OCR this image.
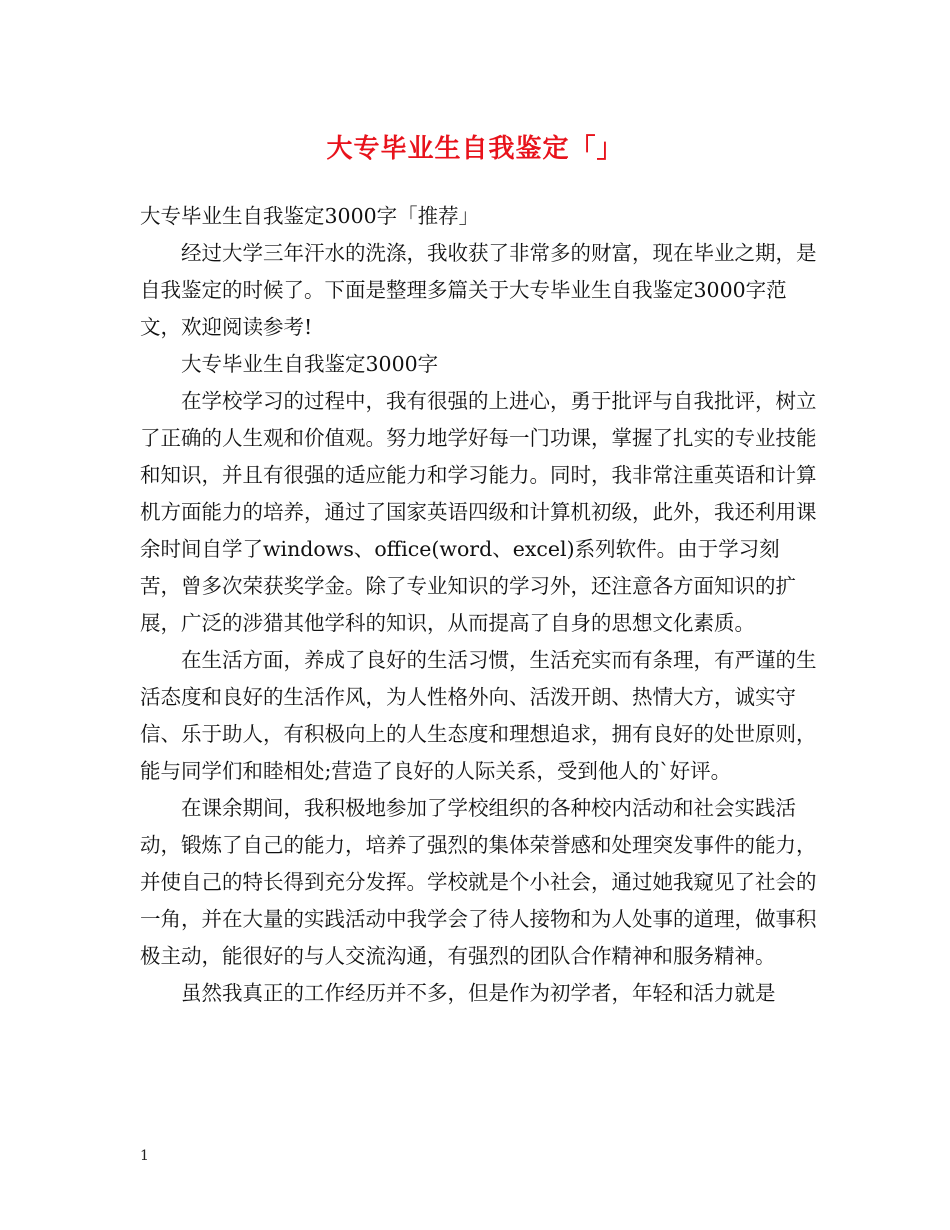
大专毕业生自我鉴定「」

大专毕业生自我鉴定3000字「推荐」

经过大学三年汗水的洗涤，我收获了非常多的财富，现在毕业之期，是自我鉴定的时候了。下面是整理多篇关于大专毕业生自我鉴定3000字范文，欢迎阅读参考!

大专毕业生自我鉴定3000字

在学校学习的过程中，我有很强的上进心，勇于批评与自我批评，树立了正确的人生观和价值观。努力地学好每一门功课，掌握了扎实的专业技能和知识，并且有很强的适应能力和学习能力。同时，我非常注重英语和计算机方面能力的培养，通过了国家英语四级和计算机初级，此外，我还利用课余时间自学了windows、office(word、excel)系列软件。由于学习刻苦，曾多次荣获奖学金。除了专业知识的学习外，还注意各方面知识的扩展，广泛的涉猎其他学科的知识，从而提高了自身的思想文化素质。

在生活方面，养成了良好的生活习惯，生活充实而有条理，有严谨的生活态度和良好的生活作风，为人性格外向、活泼开朗、热情大方，诚实守信、乐于助人，有积极向上的人生态度和理想追求，拥有良好的处世原则，能与同学们和睦相处;营造了良好的人际关系，受到他人的`好评。

在课余期间，我积极地参加了学校组织的各种校内活动和社会实践活动，锻炼了自己的能力，培养了强烈的集体荣誉感和处理突发事件的能力，并使自己的特长得到充分发挥。学校就是个小社会，通过她我窥见了社会的一角，并在大量的实践活动中我学会了待人接物和为人处事的道理，做事积极主动，能很好的与人交流沟通，有强烈的团队合作精神和服务精神。

虽然我真正的工作经历并不多，但是作为初学者，年轻和活力就是

1
